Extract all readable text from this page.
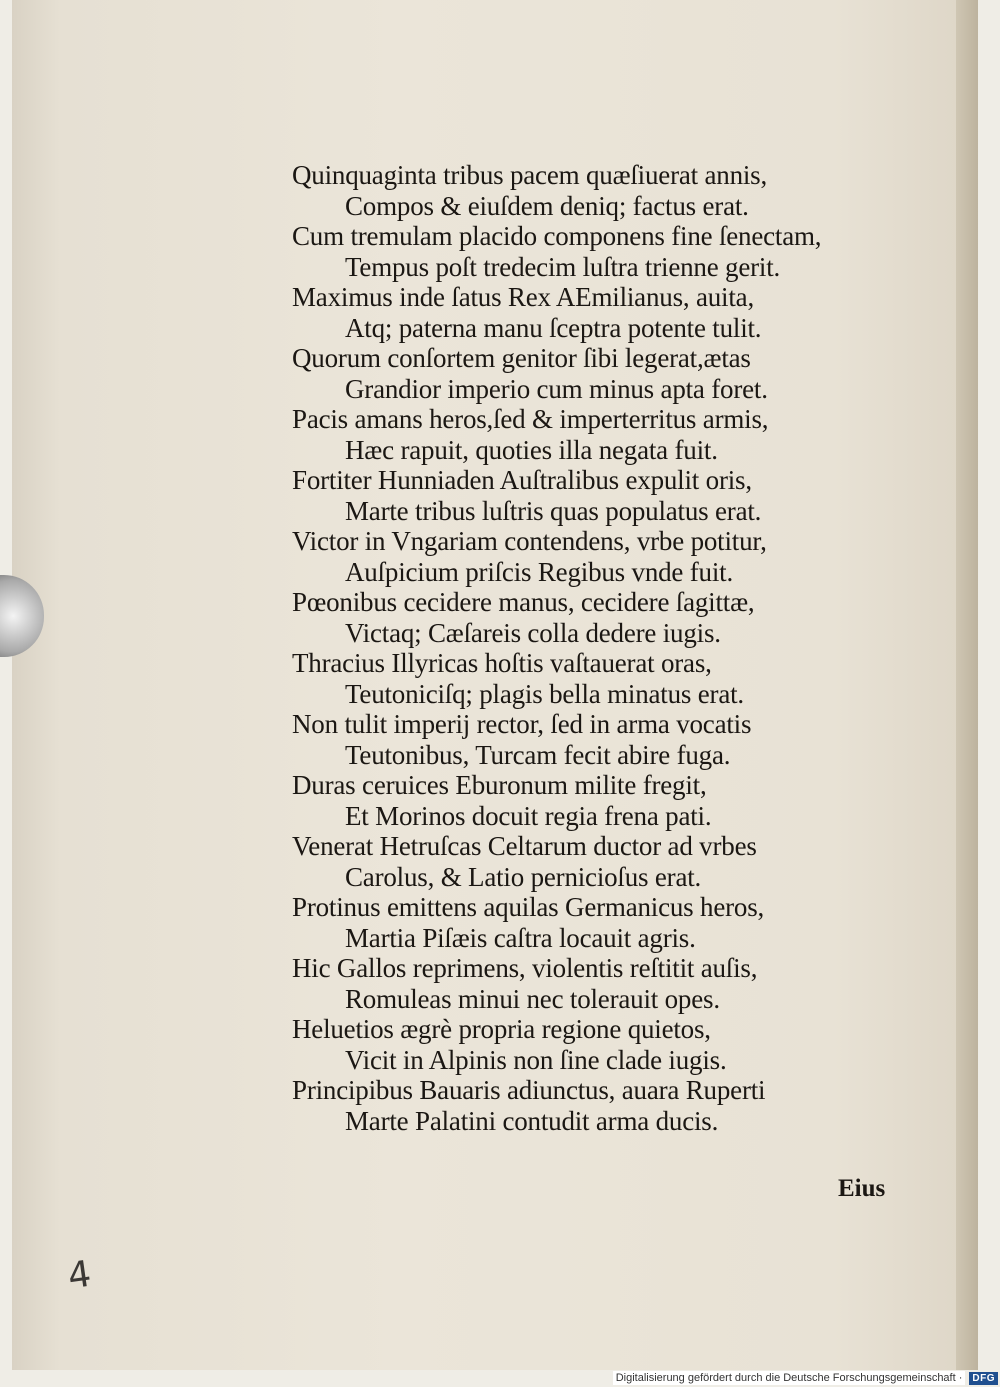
Quinquaginta tribus pacem quæſiuerat annis,

Compos & eiuſdem deniq; factus erat.

Cum tremulam placido componens fine ſenectam,

Tempus poſt tredecim luſtra trienne gerit.

Maximus inde ſatus Rex AEmilianus, auita,

Atq; paterna manu ſceptra potente tulit.

Quorum conſortem genitor ſibi legerat,ætas

Grandior imperio cum minus apta foret.

Pacis amans heros,ſed & imperterritus armis,

Hæc rapuit, quoties illa negata fuit.

Fortiter Hunniaden Auſtralibus expulit oris,

Marte tribus luſtris quas populatus erat.

Victor in Vngariam contendens, vrbe potitur,

Auſpicium priſcis Regibus vnde fuit.

Pœonibus cecidere manus, cecidere ſagittæ,

Victaq; Cæſareis colla dedere iugis.

Thracius Illyricas hoſtis vaſtauerat oras,

Teutoniciſq; plagis bella minatus erat.

Non tulit imperij rector, ſed in arma vocatis

Teutonibus, Turcam fecit abire fuga.

Duras ceruices Eburonum milite fregit,

Et Morinos docuit regia frena pati.

Venerat Hetruſcas Celtarum ductor ad vrbes

Carolus, & Latio pernicioſus erat.

Protinus emittens aquilas Germanicus heros,

Martia Piſæis caſtra locauit agris.

Hic Gallos reprimens, violentis reſtitit auſis,

Romuleas minui nec tolerauit opes.

Heluetios ægrè propria regione quietos,

Vicit in Alpinis non ſine clade iugis.

Principibus Bauaris adiunctus, auara Ruperti

Marte Palatini contudit arma ducis.

Eius

4

Digitalisierung gefördert durch die Deutsche Forschungsgemeinschaft ·	DFG
